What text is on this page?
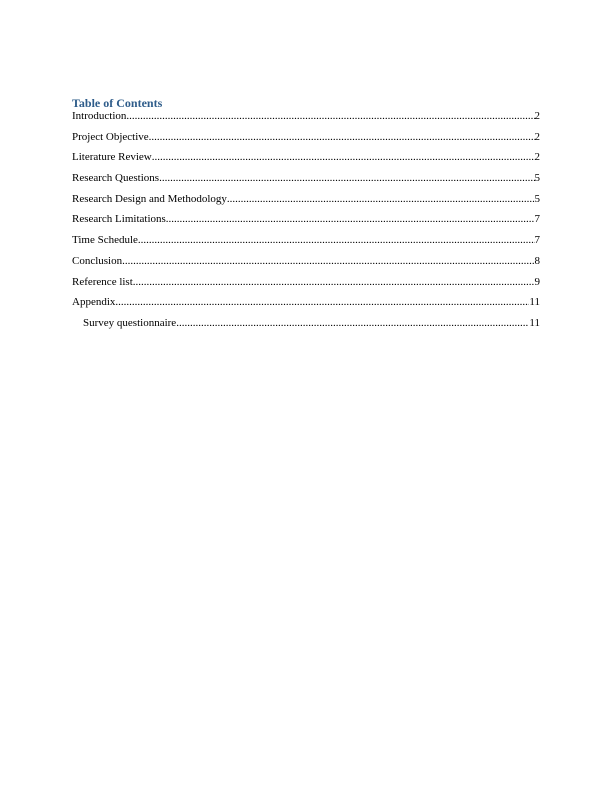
Table of Contents
Introduction .....	2
Project Objective .....	2
Literature Review .....	2
Research Questions .....	5
Research Design and Methodology .....	5
Research Limitations .....	7
Time Schedule .....	7
Conclusion .....	8
Reference list .....	9
Appendix .....	11
Survey questionnaire .....	11
